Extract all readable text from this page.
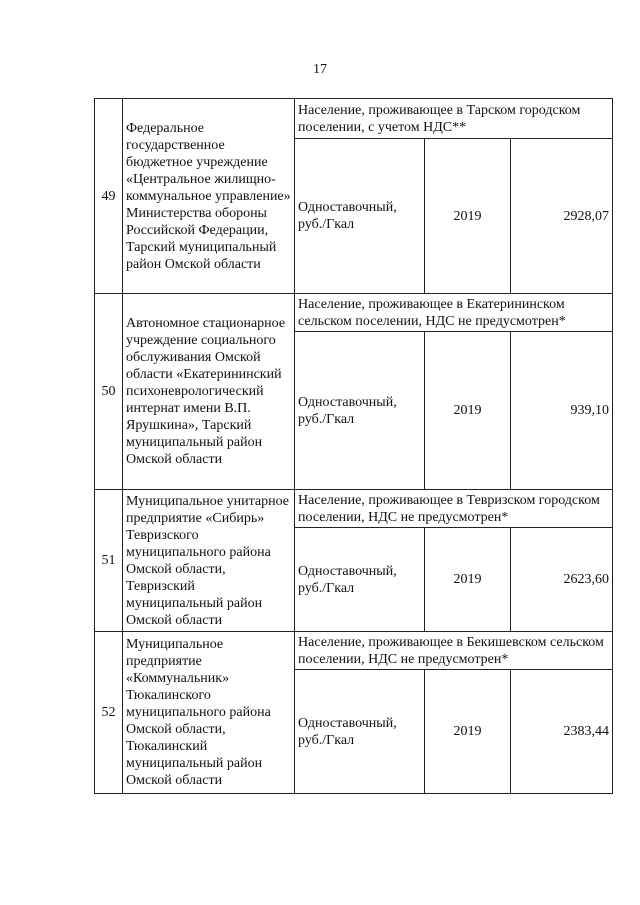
17
49	Федеральное государственное бюджетное учреждение «Центральное жилищно-коммунальное управление» Министерства обороны Российской Федерации, Тарский муниципальный район Омской области	Население, проживающее в Тарском городском поселении, с учетом НДС**		
		Одноставочный, руб./Гкал	2019	2928,07
50	Автономное стационарное учреждение социального обслуживания Омской области «Екатерининский психоневрологический интернат имени В.П. Ярушкина», Тарский муниципальный район Омской области	Население, проживающее в Екатерининском сельском поселении, НДС не предусмотрен*		
		Одноставочный, руб./Гкал	2019	939,10
51	Муниципальное унитарное предприятие «Сибирь» Тевризского муниципального района Омской области, Тевризский муниципальный район Омской области	Население, проживающее в Тевризском городском поселении, НДС не предусмотрен*		
		Одноставочный, руб./Гкал	2019	2623,60
52	Муниципальное предприятие «Коммунальник» Тюкалинского муниципального района Омской области, Тюкалинский муниципальный район Омской области	Население, проживающее в Бекишевском сельском поселении, НДС не предусмотрен*		
		Одноставочный, руб./Гкал	2019	2383,44
